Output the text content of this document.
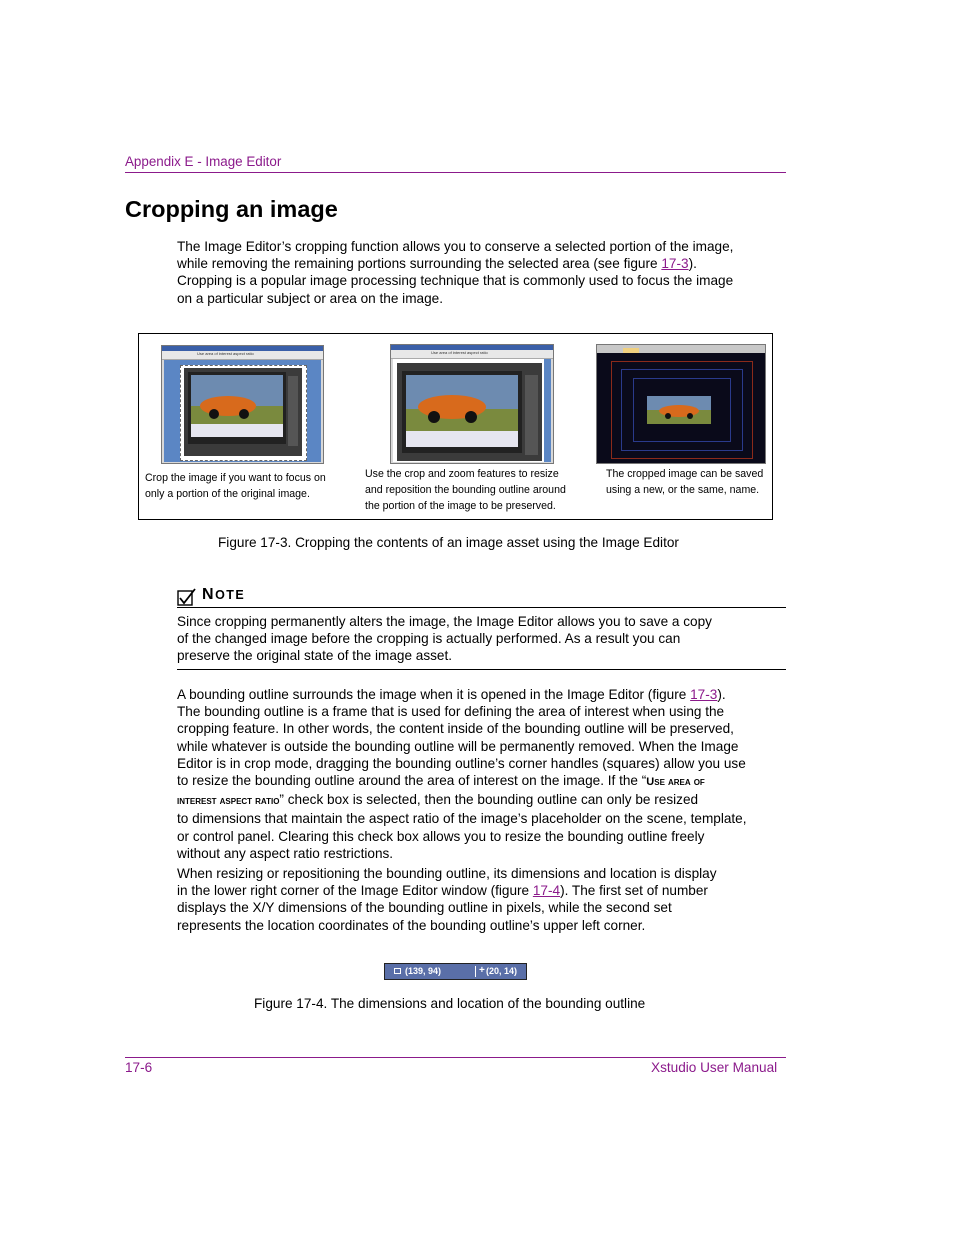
Appendix E - Image Editor
Cropping an image
The Image Editor’s cropping function allows you to conserve a selected portion of the image,
while removing the remaining portions surrounding the selected area (see figure 17-3).
Cropping is a popular image processing technique that is commonly used to focus the image
on a particular subject or area on the image.
Use area of interest aspect ratio	Use area of interest aspect ratio
Crop the image if you want to focus on
only a portion of the original image.
Use the crop and zoom features to resize
and reposition the bounding outline around
the portion of the image to be preserved.
The cropped image can be saved
using a new, or the same, name.
Figure 17-3. Cropping the contents of an image asset using the Image Editor
NOTE
Since cropping permanently alters the image, the Image Editor allows you to save a copy
of the changed image before the cropping is actually performed. As a result you can
preserve the original state of the image asset.
A bounding outline surrounds the image when it is opened in the Image Editor (figure 17-3).
The bounding outline is a frame that is used for defining the area of interest when using the
cropping feature. In other words, the content inside of the bounding outline will be preserved,
while whatever is outside the bounding outline will be permanently removed. When the Image
Editor is in crop mode, dragging the bounding outline’s corner handles (squares) allow you use
to resize the bounding outline around the area of interest on the image. If the “Use area of
interest aspect ratio” check box is selected, then the bounding outline can only be resized
to dimensions that maintain the aspect ratio of the image’s placeholder on the scene, template,
or control panel. Clearing this check box allows you to resize the bounding outline freely
without any aspect ratio restrictions.
When resizing or repositioning the bounding outline, its dimensions and location is display
in the lower right corner of the Image Editor window (figure 17-4). The first set of number
displays the X/Y dimensions of the bounding outline in pixels, while the second set
represents the location coordinates of the bounding outline’s upper left corner.
(139, 94)	+ (20, 14)
Figure 17-4. The dimensions and location of the bounding outline
17-6	Xstudio User Manual
